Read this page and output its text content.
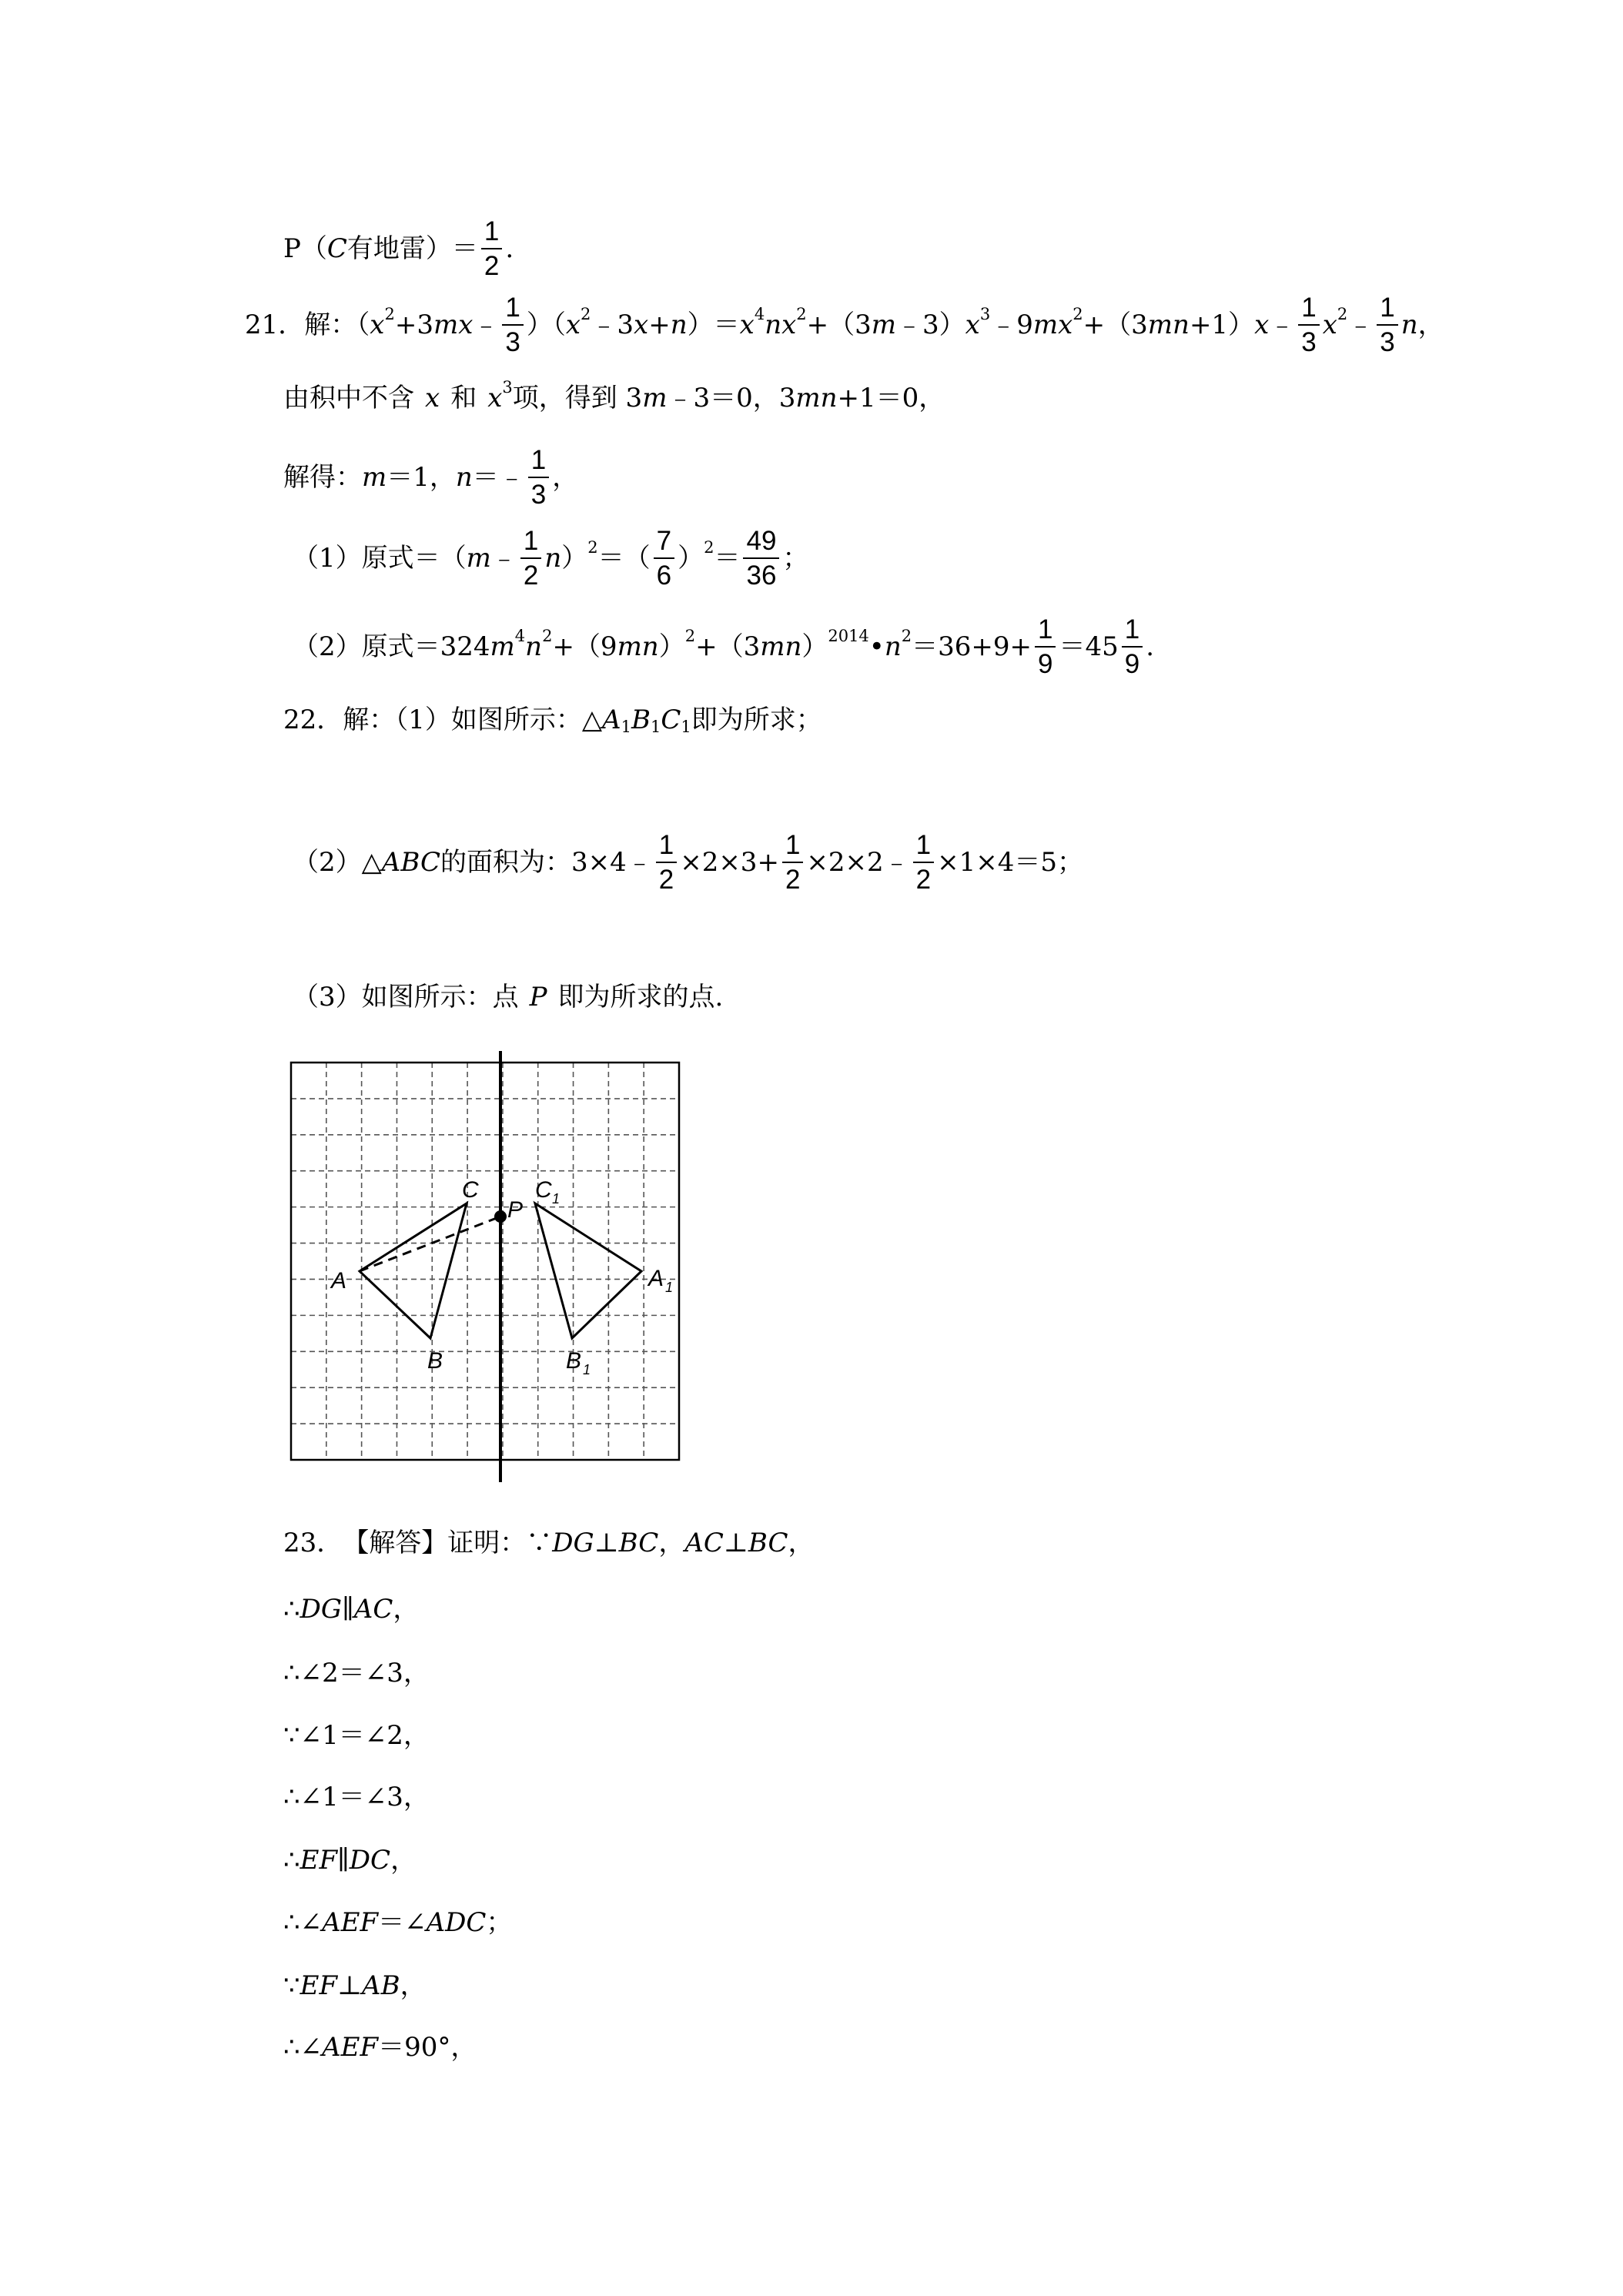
P（ C 有地雷）＝ $\frac{1}{2}$ .
21． 解：（ $x^2 +3$ mx ﹣ $\frac{1}{3}$ ）（ $x^2$ ﹣3 x + n ）＝ $x^4$ $nx^2 +(3$ m ﹣3） $x^3$ ﹣9 $mx^2 +(3$ mn +1） x ﹣ $\frac{1}{3} x^2$ ﹣ $\frac{1}{3}$ n ，
由积中不含 x 和 $x^3$ 项，得到 3 m ﹣3＝0，3 mn +1＝0，
解得： m ＝1， n ＝﹣ $\frac{1}{3}$ ，
（1）原式＝（ m ﹣ $\frac{1}{2}$ n ）$^2$ ＝（ $\frac{7}{6} )^2 = \frac{49}{36}$ ；
（2）原式＝324 $m^4$ $n^2 +(9$ mn ）$^2$ +（3 mn ）$^{2014}$ • $n^2 =36+9+ \frac{1}{9} =45 \frac{1}{9}$ .
22． 解：（1）如图所示：△ $A_1$ $B_1$ $C_1$ 即为所求；
（2）△ ABC 的面积为：3×4﹣ $\frac{1}{2} \times 2\times 3+ \frac{1}{2}$ ×2×2﹣ $\frac{1}{2} \times 1\times 4=5$；
（3）如图所示：点 P 即为所求的点.
C
P
A
B
C 1
A 1
B 1
23． 【解答】证明：∵ DG ⊥ BC ， AC ⊥ BC ，
∴ DG ∥ AC ，
∴∠2＝∠3，
∵∠1＝∠2，
∴∠1＝∠3，
∴ EF ∥ DC ，
∴∠ AEF ＝∠ ADC ；
∵ EF ⊥ AB ，
∴∠ AEF ＝90°，
